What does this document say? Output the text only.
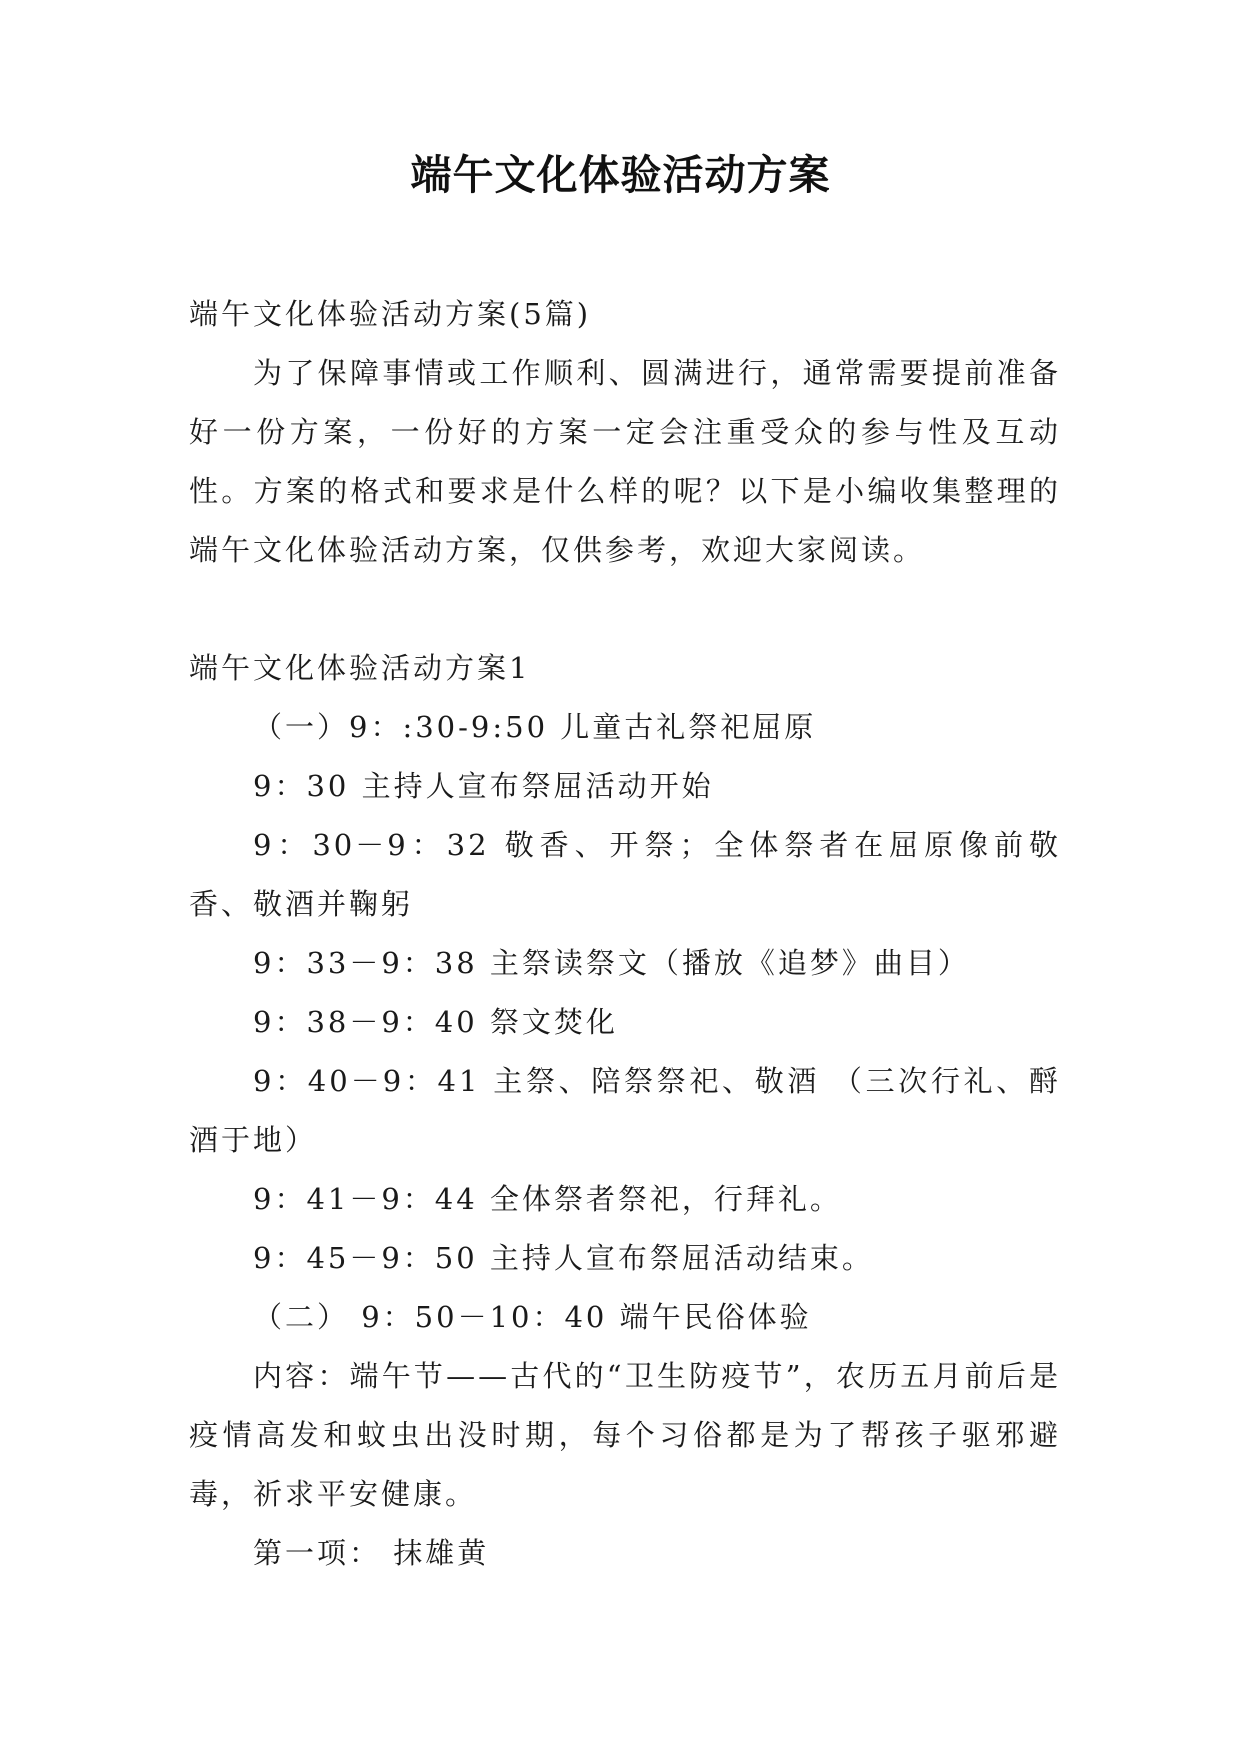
端午文化体验活动方案

端午文化体验活动方案(5篇)

为了保障事情或工作顺利、圆满进行，通常需要提前准备好一份方案，一份好的方案一定会注重受众的参与性及互动性。方案的格式和要求是什么样的呢？以下是小编收集整理的端午文化体验活动方案，仅供参考，欢迎大家阅读。

端午文化体验活动方案1

（一）9：:30-9:50 儿童古礼祭祀屈原

9：30 主持人宣布祭屈活动开始

9：30－9：32 敬香、开祭；全体祭者在屈原像前敬香、敬酒并鞠躬

9：33－9：38 主祭读祭文（播放《追梦》曲目）

9：38－9：40 祭文焚化

9：40－9：41 主祭、陪祭祭祀、敬酒 （三次行礼、酹酒于地）

9：41－9：44 全体祭者祭祀，行拜礼。

9：45－9：50 主持人宣布祭屈活动结束。

（二） 9：50－10：40 端午民俗体验

内容：端午节——古代的“卫生防疫节”，农历五月前后是疫情高发和蚊虫出没时期，每个习俗都是为了帮孩子驱邪避毒，祈求平安健康。

第一项： 抹雄黄
